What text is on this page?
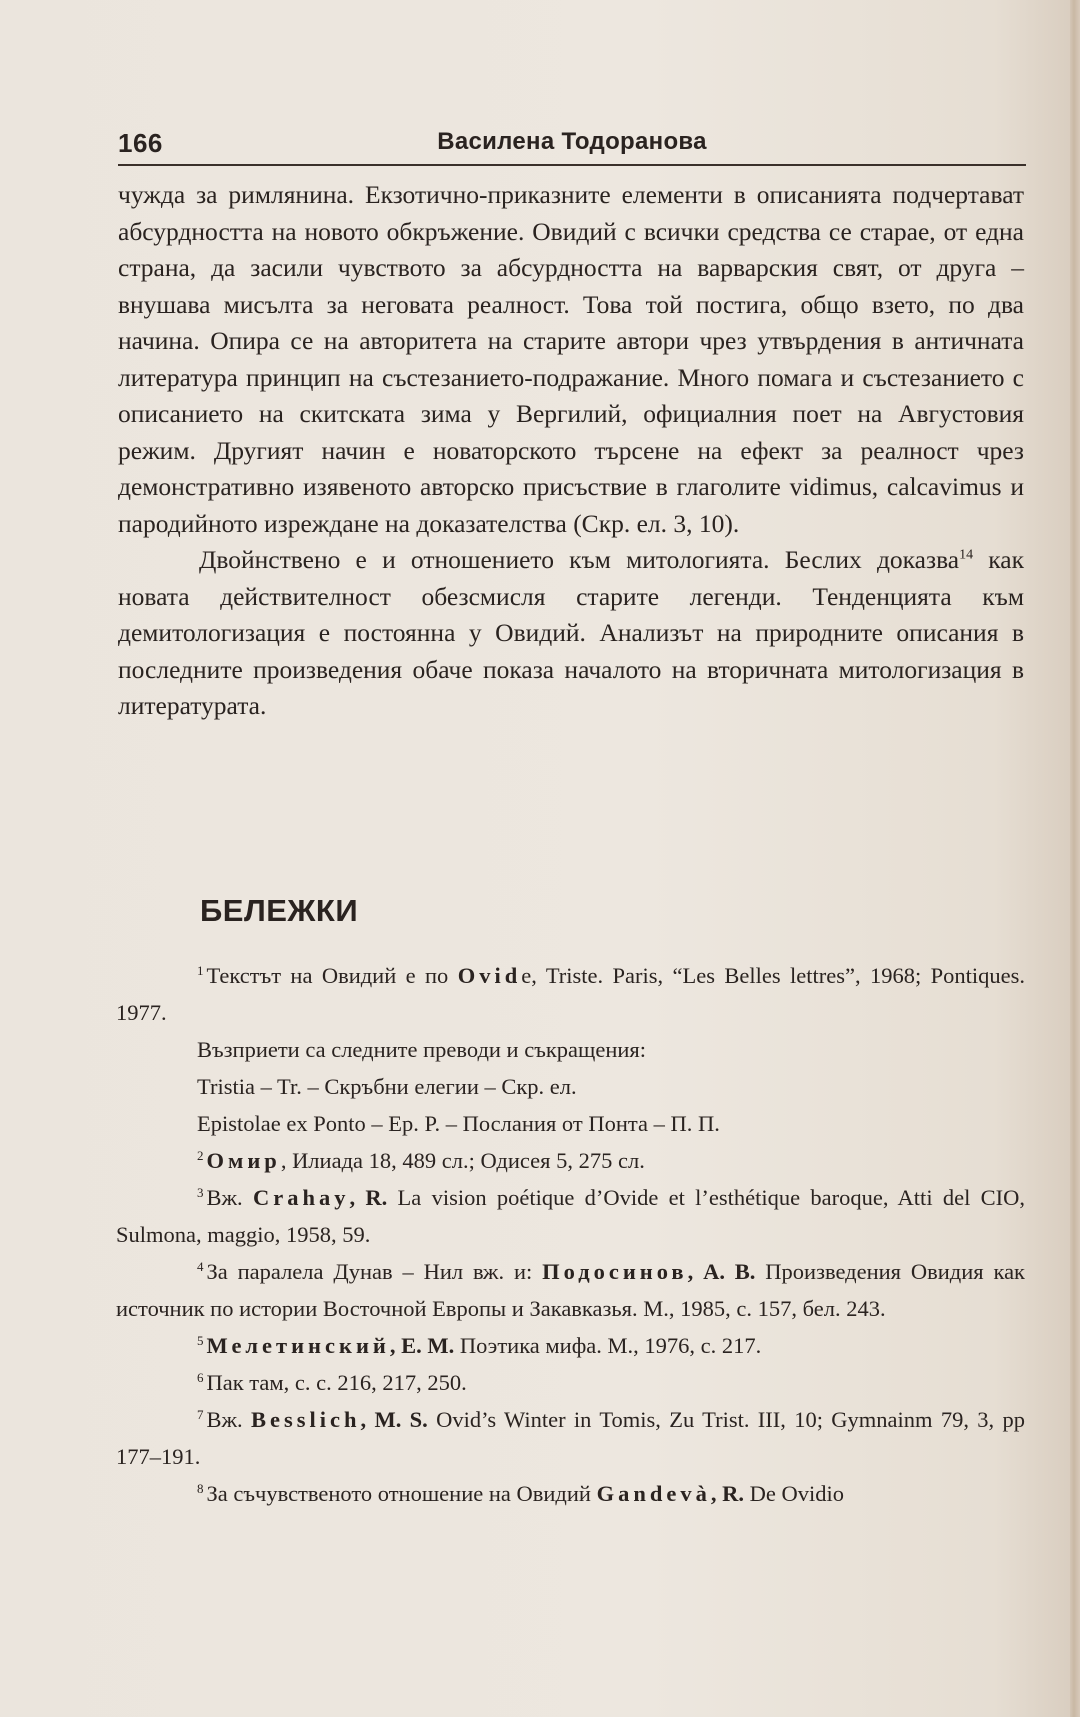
166	Василена Тодоранова

чужда за римлянина. Екзотично-приказните елементи в описанията подчертават абсурдността на новото обкръжение. Овидий с всички средства се старае, от една страна, да засили чувството за абсурдността на варварския свят, от друга – внушава мисълта за неговата реалност. Това той постига, общо взето, по два начина. Опира се на авторитета на старите автори чрез утвърдения в античната литература принцип на състезанието-подражание. Много помага и състезанието с описанието на скитската зима у Вергилий, официалния поет на Августовия режим. Другият начин е новаторското търсене на ефект за реалност чрез демонстративно изявеното авторско присъствие в глаголите vidimus, calcavimus и пародийното изреждане на доказателства (Скр. ел. 3, 10).

Двойнствено е и отношението към митологията. Беслих доказва$^{14}$ как новата действителност обезсмисля старите легенди. Тенденцията към демитологизация е постоянна у Овидий. Анализът на природните описания в последните произведения обаче показа началото на вторичната митологизация в литературата.

БЕЛЕЖКИ

$^1$ Текстът на Овидий е по Ovide, Triste. Paris, “Les Belles lettres”, 1968; Pontiques. 1977.

Възприети са следните преводи и съкращения:

Tristia – Tr. – Скръбни елегии – Скр. ел.

Epistolae ex Ponto – Ep. P. – Послания от Понта – П. П.

$^2$ Омир, Илиада 18, 489 сл.; Одисея 5, 275 сл.

$^3$ Вж. Crahay, R. La vision poétique d’Ovide et l’esthétique baroque, Atti del CIO, Sulmona, maggio, 1958, 59.

$^4$ За паралела Дунав – Нил вж. и: Подосинов, А. В. Произведения Овидия как источник по истории Восточной Европы и Закавказья. М., 1985, с. 157, бел. 243.

$^5$ Мелетинский, Е. М. Поэтика мифа. М., 1976, с. 217.

$^6$ Пак там, с. с. 216, 217, 250.

$^7$ Вж. Besslich, M. S. Ovid’s Winter in Tomis, Zu Trist. III, 10; Gymnainm 79, 3, pp 177–191.

$^8$ За съчувственото отношение на Овидий Gandevà, R. De Ovidio
